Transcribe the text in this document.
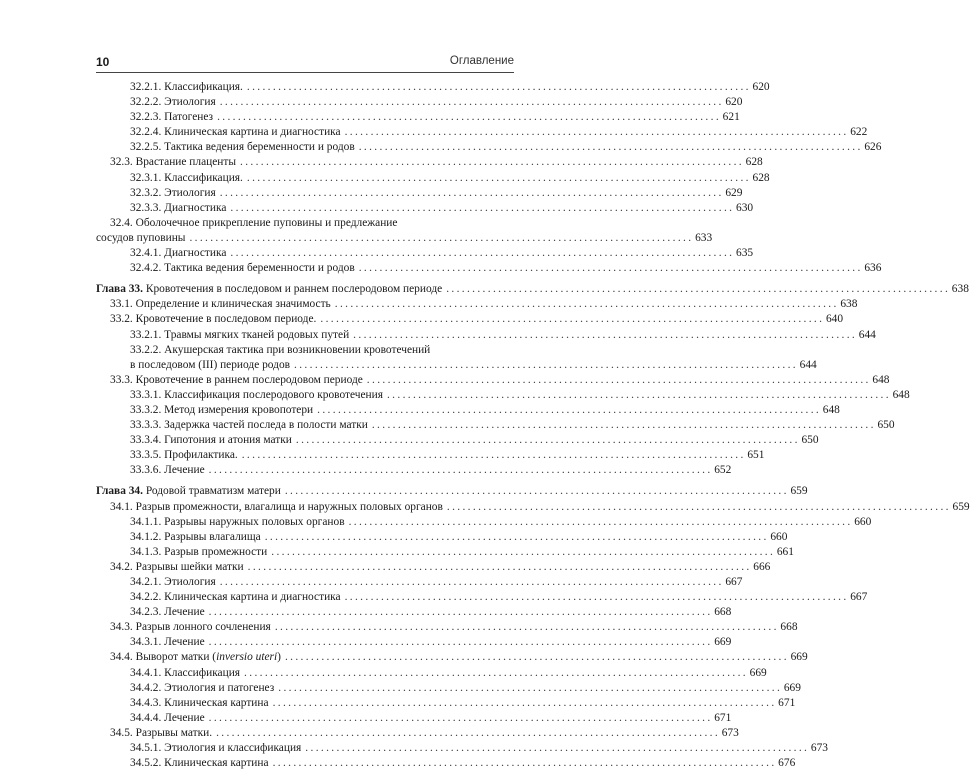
10	Оглавление
32.2.1. Классификация. . . .	620
32.2.2. Этиология . . .	620
32.2.3. Патогенез . . .	621
32.2.4. Клиническая картина и диагностика . . .	622
32.2.5. Тактика ведения беременности и родов . . .	626
32.3. Врастание плаценты . . .	628
32.3.1. Классификация. . . .	628
32.3.2. Этиология . . .	629
32.3.3. Диагностика . . .	630
32.4. Оболочечное прикрепление пуповины и предлежание
сосудов пуповины . . .	633
32.4.1. Диагностика . . .	635
32.4.2. Тактика ведения беременности и родов . . .	636
Глава 33. Кровотечения в последовом и раннем послеродовом периоде . . .	638
33.1. Определение и клиническая значимость . . .	638
33.2. Кровотечение в последовом периоде. . . .	640
33.2.1. Травмы мягких тканей родовых путей . . .	644
33.2.2. Акушерская тактика при возникновении кровотечений
в последовом (III) периоде родов . . .	644
33.3. Кровотечение в раннем послеродовом периоде . . .	648
33.3.1. Классификация послеродового кровотечения . . .	648
33.3.2. Метод измерения кровопотери . . .	648
33.3.3. Задержка частей последа в полости матки . . .	650
33.3.4. Гипотония и атония матки . . .	650
33.3.5. Профилактика. . . .	651
33.3.6. Лечение . . .	652
Глава 34. Родовой травматизм матери . . .	659
34.1. Разрыв промежности, влагалища и наружных половых органов . . .	659
34.1.1. Разрывы наружных половых органов . . .	660
34.1.2. Разрывы влагалища . . .	660
34.1.3. Разрыв промежности . . .	661
34.2. Разрывы шейки матки . . .	666
34.2.1. Этиология . . .	667
34.2.2. Клиническая картина и диагностика . . .	667
34.2.3. Лечение . . .	668
34.3. Разрыв лонного сочленения . . .	668
34.3.1. Лечение . . .	669
34.4. Выворот матки (inversio uteri) . . .	669
34.4.1. Классификация . . .	669
34.4.2. Этиология и патогенез . . .	669
34.4.3. Клиническая картина . . .	671
34.4.4. Лечение . . .	671
34.5. Разрывы матки. . . .	673
34.5.1. Этиология и классификация . . .	673
34.5.2. Клиническая картина . . .	676
